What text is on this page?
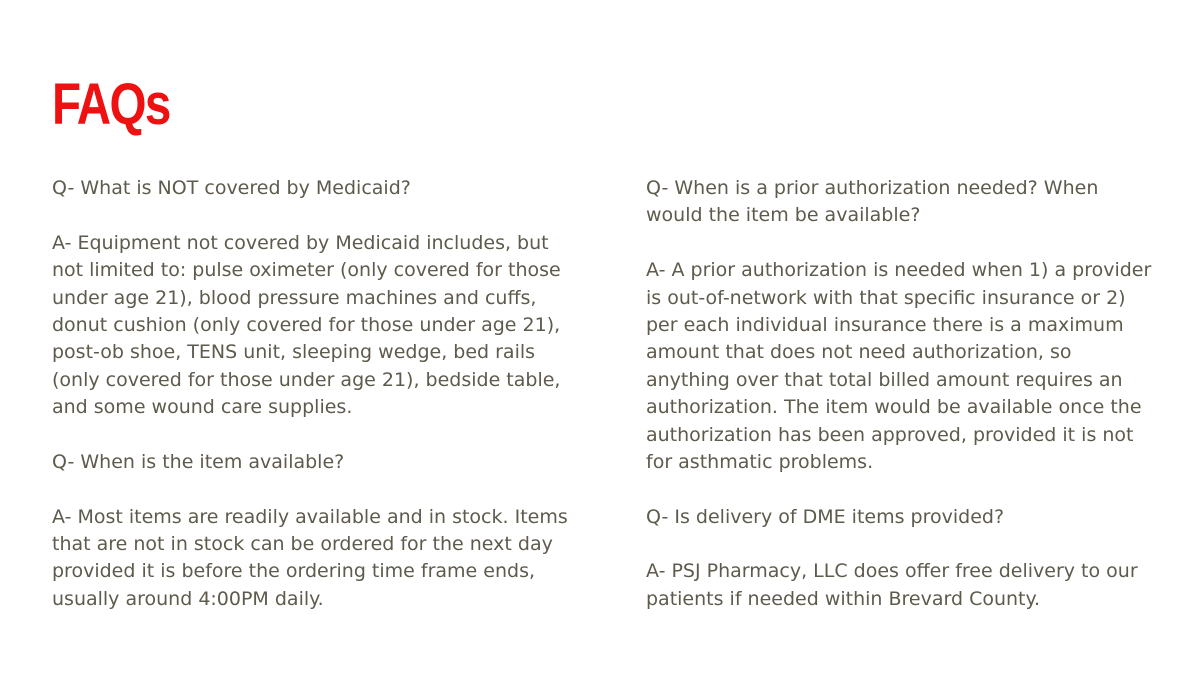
FAQs
Q- What is NOT covered by Medicaid?
A- Equipment not covered by Medicaid includes, but
not limited to: pulse oximeter (only covered for those
under age 21), blood pressure machines and cuffs,
donut cushion (only covered for those under age 21),
post-ob shoe, TENS unit, sleeping wedge, bed rails
(only covered for those under age 21), bedside table,
and some wound care supplies.
Q- When is the item available?
A- Most items are readily available and in stock. Items
that are not in stock can be ordered for the next day
provided it is before the ordering time frame ends,
usually around 4:00PM daily.
Q- When is a prior authorization needed? When
would the item be available?
A- A prior authorization is needed when 1) a provider
is out-of-network with that specific insurance or 2)
per each individual insurance there is a maximum
amount that does not need authorization, so
anything over that total billed amount requires an
authorization. The item would be available once the
authorization has been approved, provided it is not
for asthmatic problems.
Q- Is delivery of DME items provided?
A- PSJ Pharmacy, LLC does offer free delivery to our
patients if needed within Brevard County.
